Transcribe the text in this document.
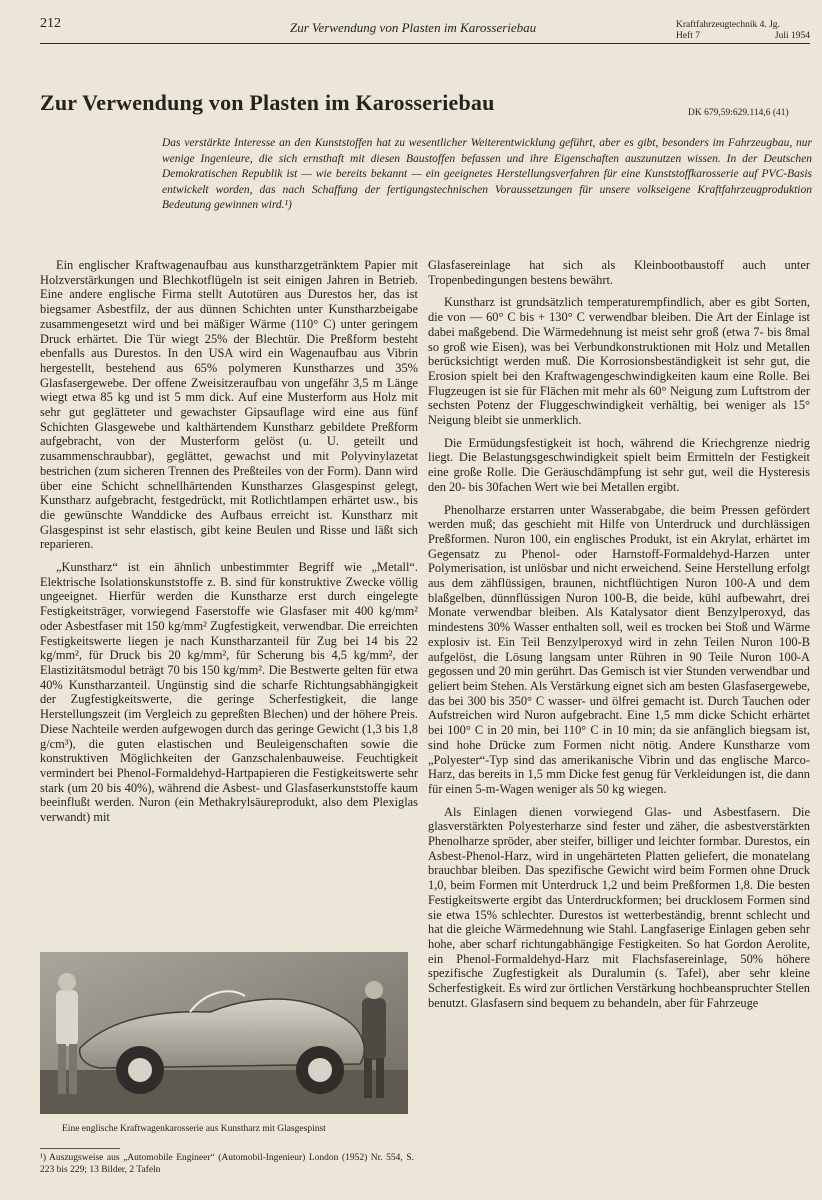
212	Zur Verwendung von Plasten im Karosseriebau	Kraftfahrzeugtechnik 4. Jg.
Heft 7	Juli 1954
Zur Verwendung von Plasten im Karosseriebau	DK 679,59:629.114,6 (41)
Das verstärkte Interesse an den Kunststoffen hat zu wesentlicher Weiterentwicklung geführt, aber es gibt, besonders im Fahrzeugbau, nur wenige Ingenieure, die sich ernsthaft mit diesen Baustoffen befassen und ihre Eigenschaften auszunutzen wissen. In der Deutschen Demokratischen Republik ist — wie bereits bekannt — ein geeignetes Herstellungsverfahren für eine Kunststoffkarosserie auf PVC-Basis entwickelt worden, das nach Schaffung der fertigungstechnischen Voraussetzungen für unsere volkseigene Kraftfahrzeugproduktion Bedeutung gewinnen wird.¹)

Ein englischer Kraftwagenaufbau aus kunstharzgetränktem Papier mit Holzverstärkungen und Blechkotflügeln ist seit einigen Jahren in Betrieb. Eine andere englische Firma stellt Autotüren aus Durestos her, das ist biegsamer Asbestfilz, der aus dünnen Schichten unter Kunstharzbeigabe zusammengesetzt wird und bei mäßiger Wärme (110° C) unter geringem Druck erhärtet. Die Tür wiegt 25% der Blechtür. Die Preßform besteht ebenfalls aus Durestos. In den USA wird ein Wagenaufbau aus Vibrin hergestellt, bestehend aus 65% polymeren Kunstharzes und 35% Glasfasergewebe. Der offene Zweisitzeraufbau von ungefähr 3,5 m Länge wiegt etwa 85 kg und ist 5 mm dick. Auf eine Musterform aus Holz mit sehr gut geglätteter und gewachster Gipsauflage wird eine aus fünf Schichten Glasgewebe und kalthärtendem Kunstharz gebildete Preßform aufgebracht, von der Musterform gelöst (u. U. geteilt und zusammenschraubbar), geglättet, gewachst und mit Polyvinylazetat bestrichen (zum sicheren Trennen des Preßteiles von der Form). Dann wird über eine Schicht schnellhärtenden Kunstharzes Glasgespinst gelegt, Kunstharz aufgebracht, festgedrückt, mit Rotlichtlampen erhärtet usw., bis die gewünschte Wanddicke des Aufbaus erreicht ist. Kunstharz mit Glasgespinst ist sehr elastisch, gibt keine Beulen und Risse und läßt sich reparieren.

„Kunstharz“ ist ein ähnlich unbestimmter Begriff wie „Metall“. Elektrische Isolationskunststoffe z. B. sind für konstruktive Zwecke völlig ungeeignet. Hierfür werden die Kunstharze erst durch eingelegte Festigkeitsträger, vorwiegend Faserstoffe wie Glasfaser mit 400 kg/mm² oder Asbestfaser mit 150 kg/mm² Zugfestigkeit, verwendbar. Die erreichten Festigkeitswerte liegen je nach Kunstharzanteil für Zug bei 14 bis 22 kg/mm², für Druck bis 20 kg/mm², für Scherung bis 4,5 kg/mm², der Elastizitätsmodul beträgt 70 bis 150 kg/mm². Die Bestwerte gelten für etwa 40% Kunstharzanteil. Ungünstig sind die scharfe Richtungsabhängigkeit der Zugfestigkeitswerte, die geringe Scherfestigkeit, die lange Herstellungszeit (im Vergleich zu gepreßten Blechen) und der höhere Preis. Diese Nachteile werden aufgewogen durch das geringe Gewicht (1,3 bis 1,8 g/cm³), die guten elastischen und Beuleigenschaften sowie die konstruktiven Möglichkeiten der Ganzschalenbauweise. Feuchtigkeit vermindert bei Phenol-Formaldehyd-Hartpapieren die Festigkeitswerte sehr stark (um 20 bis 40%), während die Asbest- und Glasfaserkunststoffe kaum beeinflußt werden. Nuron (ein Methakrylsäureprodukt, also dem Plexiglas verwandt) mit

Glasfasereinlage hat sich als Kleinbootbaustoff auch unter Tropenbedingungen bestens bewährt.

Kunstharz ist grundsätzlich temperaturempfindlich, aber es gibt Sorten, die von — 60° C bis + 130° C verwendbar bleiben. Die Art der Einlage ist dabei maßgebend. Die Wärmedehnung ist meist sehr groß (etwa 7- bis 8mal so groß wie Eisen), was bei Verbundkonstruktionen mit Holz und Metallen berücksichtigt werden muß. Die Korrosionsbeständigkeit ist sehr gut, die Erosion spielt bei den Kraftwagengeschwindigkeiten kaum eine Rolle. Bei Flugzeugen ist sie für Flächen mit mehr als 60° Neigung zum Luftstrom der sechsten Potenz der Fluggeschwindigkeit verhältig, bei weniger als 15° Neigung bleibt sie unmerklich.

Die Ermüdungsfestigkeit ist hoch, während die Kriechgrenze niedrig liegt. Die Belastungsgeschwindigkeit spielt beim Ermitteln der Festigkeit eine große Rolle. Die Geräuschdämpfung ist sehr gut, weil die Hysteresis den 20- bis 30fachen Wert wie bei Metallen ergibt.

Phenolharze erstarren unter Wasserabgabe, die beim Pressen gefördert werden muß; das geschieht mit Hilfe von Unterdruck und durchlässigen Preßformen. Nuron 100, ein englisches Produkt, ist ein Akrylat, erhärtet im Gegensatz zu Phenol- oder Harnstoff-Formaldehyd-Harzen unter Polymerisation, ist unlösbar und nicht erweichend. Seine Herstellung erfolgt aus dem zähflüssigen, braunen, nichtflüchtigen Nuron 100-A und dem blaßgelben, dünnflüssigen Nuron 100-B, die beide, kühl aufbewahrt, drei Monate verwendbar bleiben. Als Katalysator dient Benzylperoxyd, das mindestens 30% Wasser enthalten soll, weil es trocken bei Stoß und Wärme explosiv ist. Ein Teil Benzylperoxyd wird in zehn Teilen Nuron 100-B aufgelöst, die Lösung langsam unter Rühren in 90 Teile Nuron 100-A gegossen und 20 min gerührt. Das Gemisch ist vier Stunden verwendbar und geliert beim Stehen. Als Verstärkung eignet sich am besten Glasfasergewebe, das bei 300 bis 350° C wasser- und ölfrei gemacht ist. Durch Tauchen oder Aufstreichen wird Nuron aufgebracht. Eine 1,5 mm dicke Schicht erhärtet bei 100° C in 20 min, bei 110° C in 10 min; da sie anfänglich biegsam ist, sind hohe Drücke zum Formen nicht nötig. Andere Kunstharze vom „Polyester“-Typ sind das amerikanische Vibrin und das englische Marco-Harz, das bereits in 1,5 mm Dicke fest genug für Verkleidungen ist, die dann für einen 5-m-Wagen weniger als 50 kg wiegen.

Als Einlagen dienen vorwiegend Glas- und Asbestfasern. Die glasverstärkten Polyesterharze sind fester und zäher, die asbestverstärkten Phenolharze spröder, aber steifer, billiger und leichter formbar. Durestos, ein Asbest-Phenol-Harz, wird in ungehärteten Platten geliefert, die monatelang brauchbar bleiben. Das spezifische Gewicht wird beim Formen ohne Druck 1,0, beim Formen mit Unterdruck 1,2 und beim Preßformen 1,8. Die besten Festigkeitswerte ergibt das Unterdruckformen; bei drucklosem Formen sind sie etwa 15% schlechter. Durestos ist wetterbeständig, brennt schlecht und hat die gleiche Wärmedehnung wie Stahl. Langfaserige Einlagen geben sehr hohe, aber scharf richtungabhängige Festigkeiten. So hat Gordon Aerolite, ein Phenol-Formaldehyd-Harz mit Flachsfasereinlage, 50% höhere spezifische Zugfestigkeit als Duralumin (s. Tafel), aber sehr kleine Scherfestigkeit. Es wird zur örtlichen Verstärkung hochbeanspruchter Stellen benutzt. Glasfasern sind bequem zu behandeln, aber für Fahrzeuge

Eine englische Kraftwagenkarosserie aus Kunstharz mit Glasgespinst
¹) Auszugsweise aus „Automobile Engineer“ (Automobil-Ingenieur) London (1952) Nr. 554, S. 223 bis 229; 13 Bilder, 2 Tafeln
